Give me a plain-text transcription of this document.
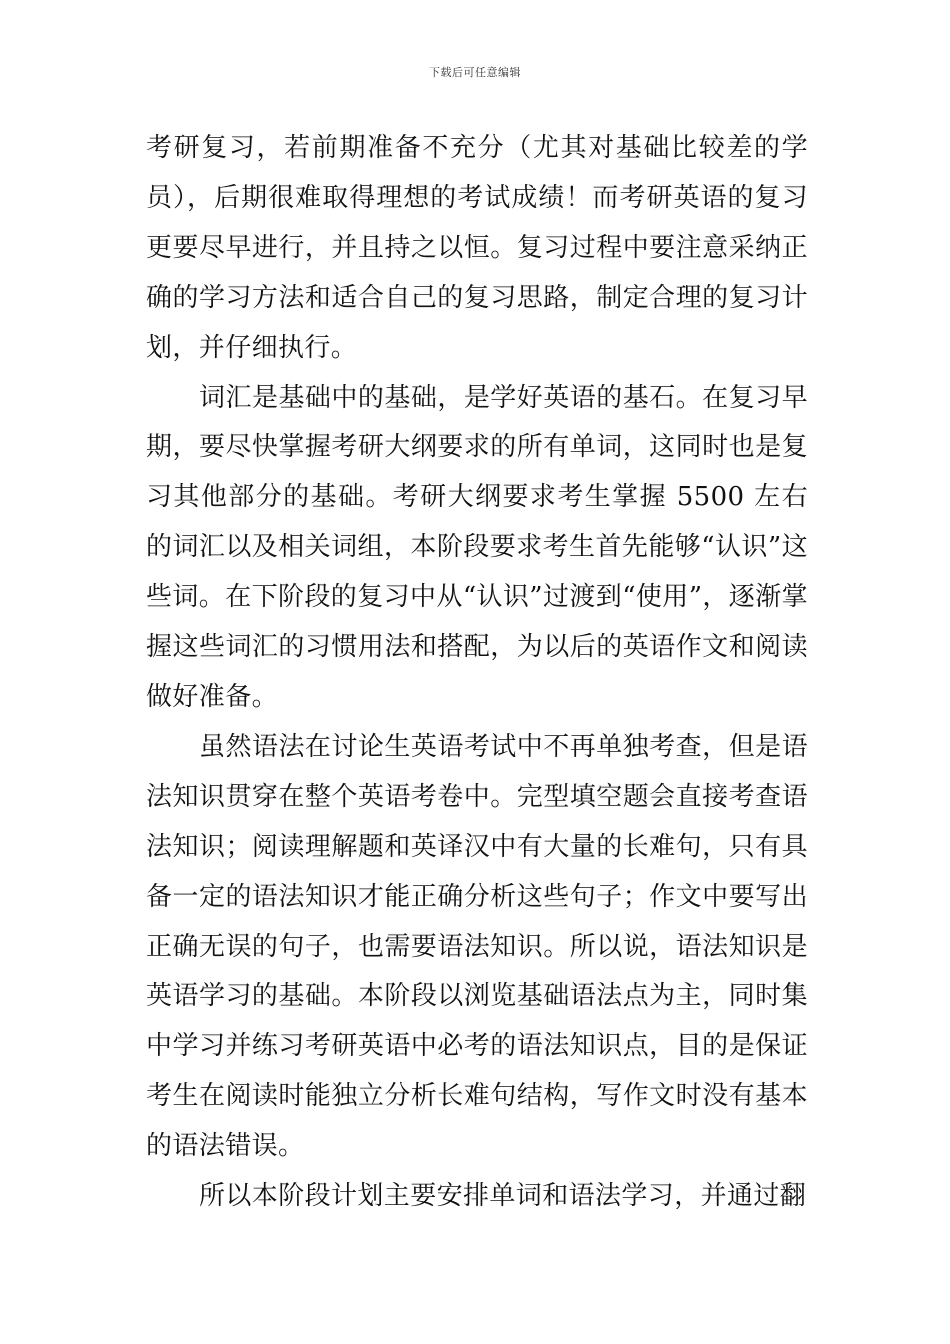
下载后可任意编辑

考研复习，若前期准备不充分（尤其对基础比较差的学员），后期很难取得理想的考试成绩！而考研英语的复习更要尽早进行，并且持之以恒。复习过程中要注意采纳正确的学习方法和适合自己的复习思路，制定合理的复习计划，并仔细执行。

词汇是基础中的基础，是学好英语的基石。在复习早期，要尽快掌握考研大纲要求的所有单词，这同时也是复习其他部分的基础。考研大纲要求考生掌握 5500 左右的词汇以及相关词组，本阶段要求考生首先能够“认识”这些词。在下阶段的复习中从“认识”过渡到“使用”，逐渐掌握这些词汇的习惯用法和搭配，为以后的英语作文和阅读做好准备。

虽然语法在讨论生英语考试中不再单独考查，但是语法知识贯穿在整个英语考卷中。完型填空题会直接考查语法知识；阅读理解题和英译汉中有大量的长难句，只有具备一定的语法知识才能正确分析这些句子；作文中要写出正确无误的句子，也需要语法知识。所以说，语法知识是英语学习的基础。本阶段以浏览基础语法点为主，同时集中学习并练习考研英语中必考的语法知识点，目的是保证考生在阅读时能独立分析长难句结构，写作文时没有基本的语法错误。

所以本阶段计划主要安排单词和语法学习，并通过翻
